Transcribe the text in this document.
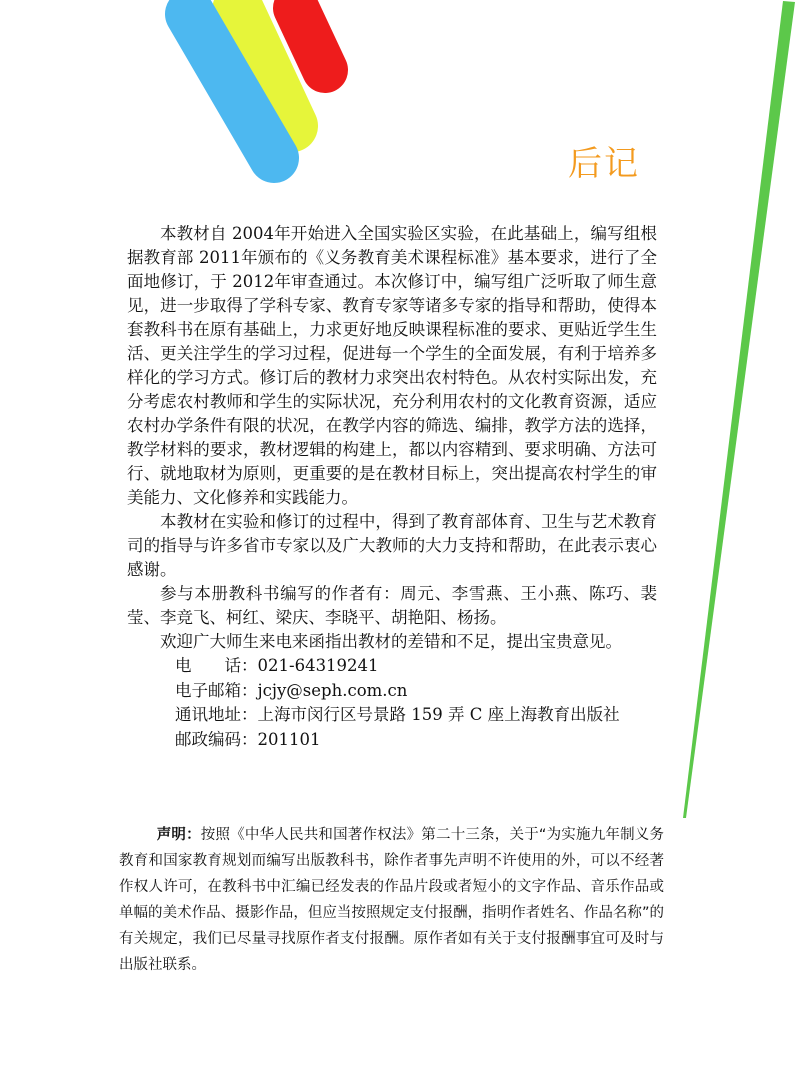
后记

本教材自 2004年开始进入全国实验区实验，在此基础上，编写组根据教育部 2011年颁布的《义务教育美术课程标准》基本要求，进行了全面地修订，于 2012年审查通过。本次修订中，编写组广泛听取了师生意见，进一步取得了学科专家、教育专家等诸多专家的指导和帮助，使得本套教科书在原有基础上，力求更好地反映课程标准的要求、更贴近学生生活、更关注学生的学习过程，促进每一个学生的全面发展，有利于培养多样化的学习方式。修订后的教材力求突出农村特色。从农村实际出发，充分考虑农村教师和学生的实际状况，充分利用农村的文化教育资源，适应农村办学条件有限的状况，在教学内容的筛选、编排，教学方法的选择，教学材料的要求，教材逻辑的构建上，都以内容精到、要求明确、方法可行、就地取材为原则，更重要的是在教材目标上，突出提高农村学生的审美能力、文化修养和实践能力。

本教材在实验和修订的过程中，得到了教育部体育、卫生与艺术教育司的指导与许多省市专家以及广大教师的大力支持和帮助，在此表示衷心感谢。

参与本册教科书编写的作者有：周元、李雪燕、王小燕、陈巧、裴莹、李竞飞、柯红、梁庆、李晓平、胡艳阳、杨扬。

欢迎广大师生来电来函指出教材的差错和不足，提出宝贵意见。

电　　话：021-64319241
电子邮箱：jcjy@seph.com.cn
通讯地址：上海市闵行区号景路 159 弄 C 座上海教育出版社
邮政编码：201101
声明：按照《中华人民共和国著作权法》第二十三条，关于“为实施九年制义务教育和国家教育规划而编写出版教科书，除作者事先声明不许使用的外，可以不经著作权人许可，在教科书中汇编已经发表的作品片段或者短小的文字作品、音乐作品或单幅的美术作品、摄影作品，但应当按照规定支付报酬，指明作者姓名、作品名称”的有关规定，我们已尽量寻找原作者支付报酬。原作者如有关于支付报酬事宜可及时与出版社联系。
